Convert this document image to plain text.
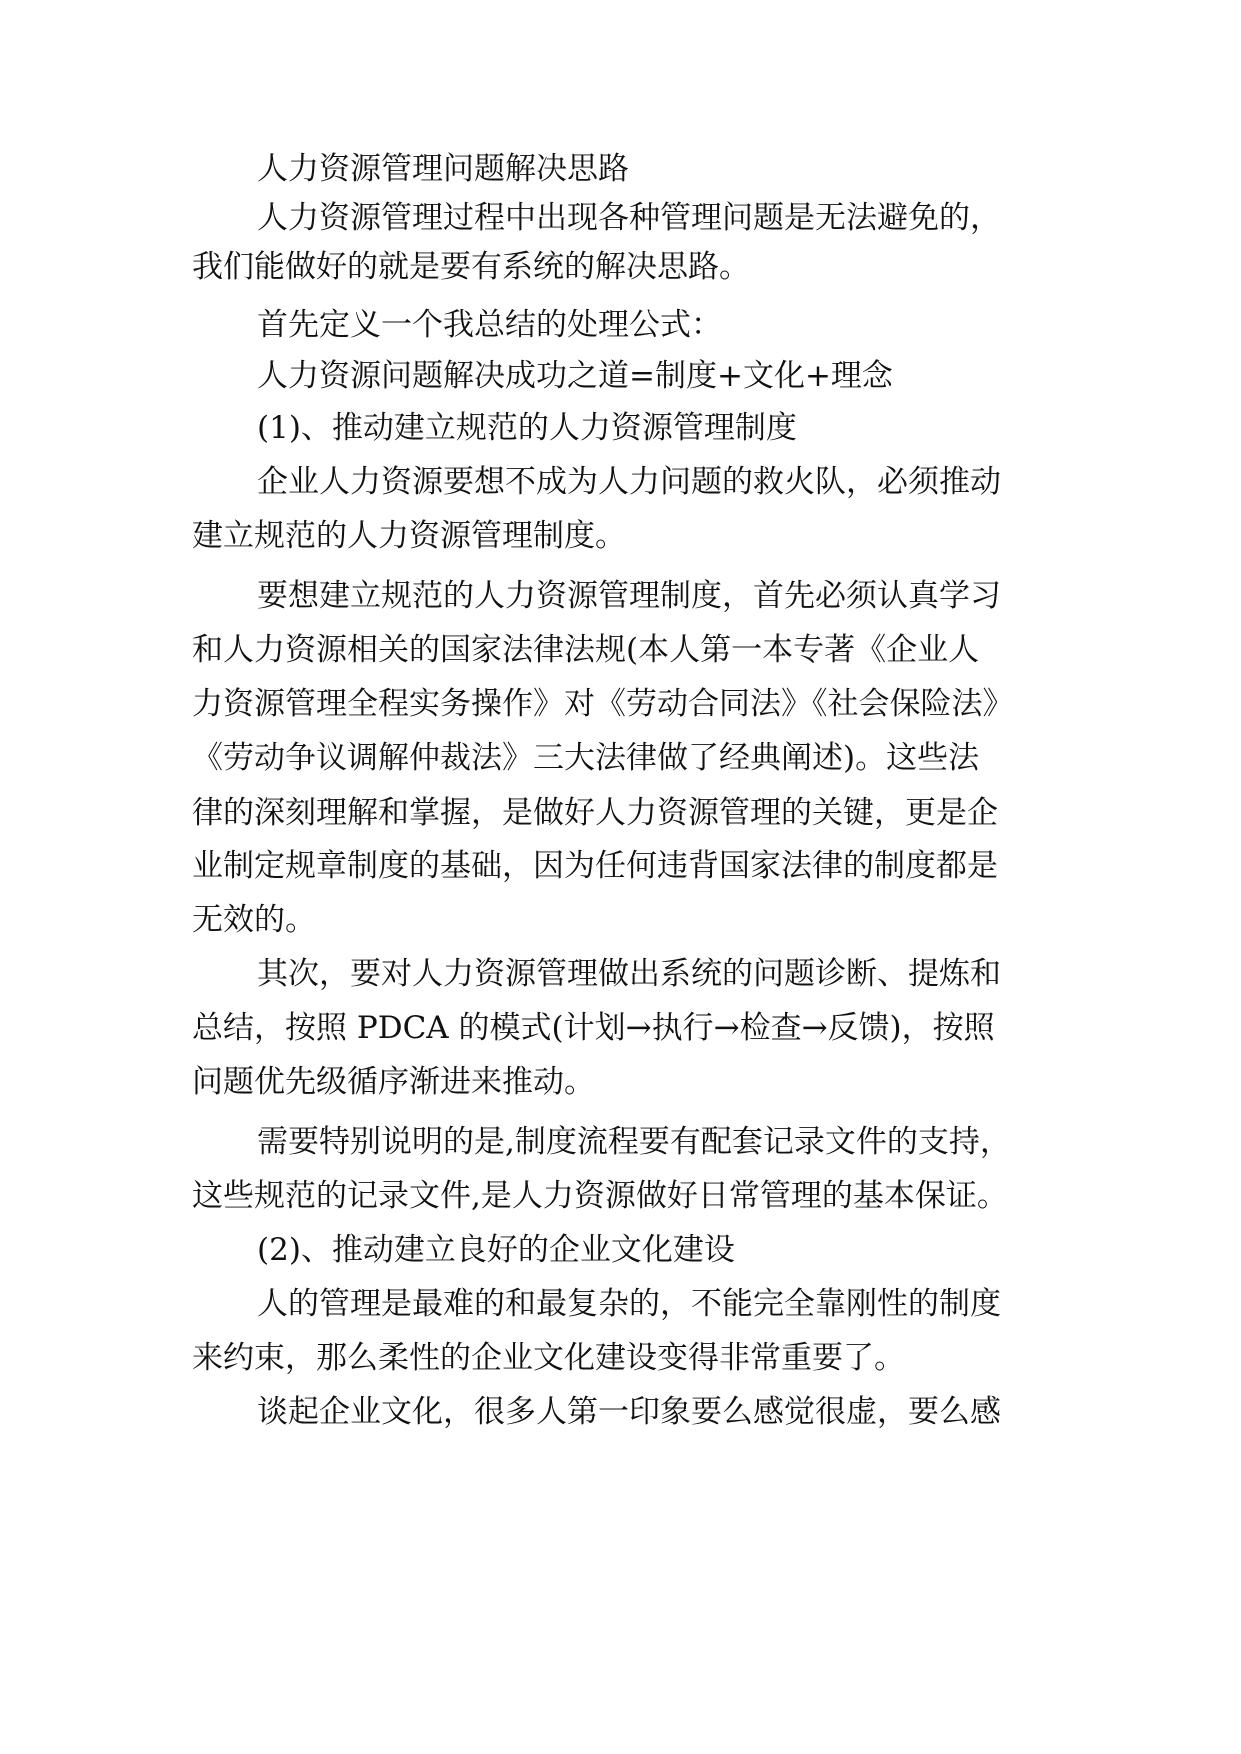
人力资源管理问题解决思路
人力资源管理过程中出现各种管理问题是无法避免的，
我们能做好的就是要有系统的解决思路。
首先定义一个我总结的处理公式：
人力资源问题解决成功之道=制度+文化+理念
(1)、推动建立规范的人力资源管理制度
企业人力资源要想不成为人力问题的救火队，必须推动
建立规范的人力资源管理制度。
要想建立规范的人力资源管理制度，首先必须认真学习
和人力资源相关的国家法律法规(本人第一本专著《企业人
力资源管理全程实务操作》对《劳动合同法》《社会保险法》
《劳动争议调解仲裁法》三大法律做了经典阐述)。这些法
律的深刻理解和掌握，是做好人力资源管理的关键，更是企
业制定规章制度的基础，因为任何违背国家法律的制度都是
无效的。
其次，要对人力资源管理做出系统的问题诊断、提炼和
总结，按照 PDCA 的模式(计划→执行→检查→反馈)，按照
问题优先级循序渐进来推动。
需要特别说明的是,制度流程要有配套记录文件的支持，
这些规范的记录文件,是人力资源做好日常管理的基本保证。
(2)、推动建立良好的企业文化建设
人的管理是最难的和最复杂的，不能完全靠刚性的制度
来约束，那么柔性的企业文化建设变得非常重要了。
谈起企业文化，很多人第一印象要么感觉很虚，要么感
